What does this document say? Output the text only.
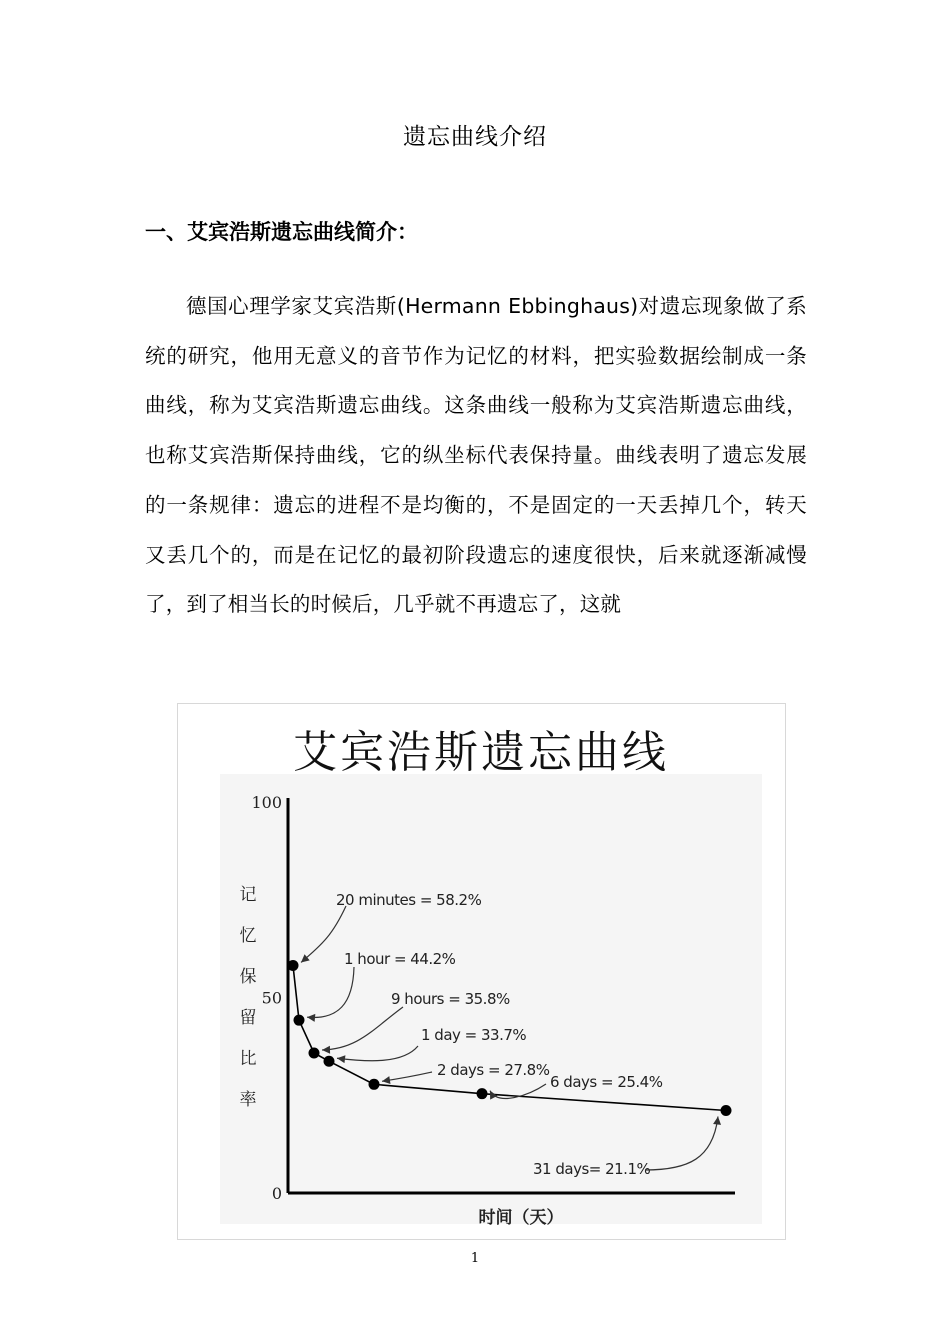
遗忘曲线介绍
一、艾宾浩斯遗忘曲线简介：

德国心理学家艾宾浩斯(Hermann Ebbinghaus)对遗忘现象做了系统的研究，他用无意义的音节作为记忆的材料，把实验数据绘制成一条曲线，称为艾宾浩斯遗忘曲线。这条曲线一般称为艾宾浩斯遗忘曲线，也称艾宾浩斯保持曲线，它的纵坐标代表保持量。曲线表明了遗忘发展的一条规律：遗忘的进程不是均衡的，不是固定的一天丢掉几个，转天又丢几个的，而是在记忆的最初阶段遗忘的速度很快，后来就逐渐减慢了，到了相当长的时候后，几乎就不再遗忘了，这就

艾宾浩斯遗忘曲线
0
50
100
记
忆
保
留
比
率
时间（天）
20 minutes = 58.2%
1 hour = 44.2%
9 hours = 35.8%
1 day = 33.7%
2 days = 27.8%
6 days = 25.4%
31 days= 21.1%
1
